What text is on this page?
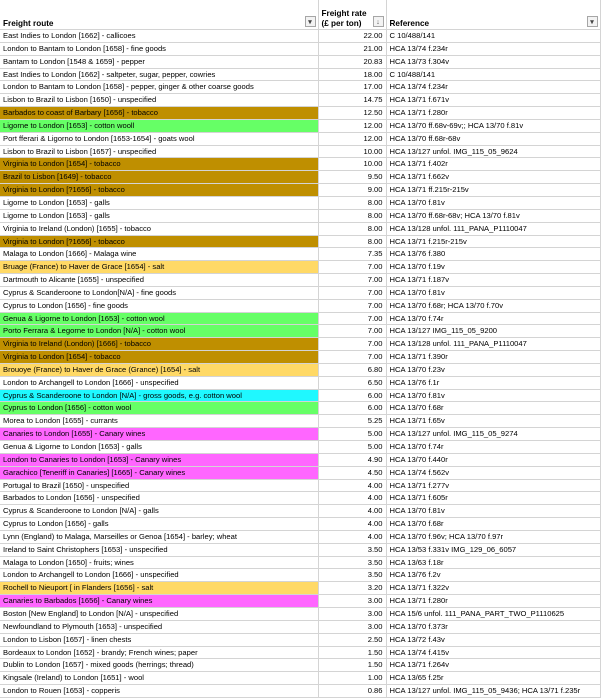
Freight route ▾	Freight rate (£ per ton) ↓	Reference ▾

East Indies to London [1662] - callicoes	22.00	C 10/488/141
London to Bantam to London [1658] - fine goods	21.00	HCA 13/74 f.234r
Bantam to London [1548 & 1659] - pepper	20.83	HCA 13/73 f.304v
East Indies to London [1662] - saltpeter, sugar, pepper, cowries	18.00	C 10/488/141
London to Bantam to London [1658] - pepper, ginger & other coarse goods	17.00	HCA 13/74 f.234r
Lisbon to Brazil to Lisbon [1650] - unspecified	14.75	HCA 13/71 f.671v
Barbados to coast of Barbary [1656] - tobacco	12.50	HCA 13/71 f.280r
Ligorne to London [1653] - cotton wooll	12.00	HCA 13/70 ff.68v-69v;; HCA 13/70 f.81v
Port fferari & Ligorno to London [1653-1654] - goats wool	12.00	HCA 13/70 ff.68r-68v
Lisbon to Brazil to Lisbon [1657] - unspecified	10.00	HCA 13/127 unfol. IMG_115_05_9624
Virginia to London [1654] - tobacco	10.00	HCA 13/71 f.402r
Brazil to Lisbon [1649] - tobacco	9.50	HCA 13/71 f.662v
Virginia to London [?1656] - tobacco	9.00	HCA 13/71 ff.215r-215v
Ligorne to London [1653] - galls	8.00	HCA 13/70 f.81v
Ligorne to London [1653] - galls	8.00	HCA 13/70 ff.68r-68v; HCA 13/70 f.81v
Virginia to Ireland (London) [1655] - tobacco	8.00	HCA 13/128 unfol. 111_PANA_P1110047
Virginia to London [?1656] - tobacco	8.00	HCA 13/71 f.215r-215v
Malaga to London [1666] - Malaga wine	7.35	HCA 13/76 f.380
Bruage (France) to Haver de Grace [1654] - salt	7.00	HCA 13/70 f.19v
Dartmouth to Alicante [1655] - unspecified	7.00	HCA 13/71 f.187v
Cyprus & Scanderoone to London[N/A] - fine goods	7.00	HCA 13/70 f.81v
Cyprus to London [1656] - fine goods	7.00	HCA 13/70 f.68r; HCA 13/70 f.70v
Genua & Ligorne to London [1653] - cotton wool	7.00	HCA 13/70 f.74r
Porto Ferrara & Legorne to London [N/A] - cotton wool	7.00	HCA 13/127 IMG_115_05_9200
Virginia to Ireland (London) [1666] - tobacco	7.00	HCA 13/128 unfol. 111_PANA_P1110047
Virginia to London [1654] - tobacco	7.00	HCA 13/71 f.390r
Brouoye (France) to Haver de Grace (Grance) [1654] - salt	6.80	HCA 13/70 f.23v
London to Archangell to London [1666] - unspecified	6.50	HCA 13/76 f.1r
Cyprus & Scanderoone to London [N/A] - gross goods, e.g. cotton wool	6.00	HCA 13/70 f.81v
Cyprus to London [1656] - cotton wool	6.00	HCA 13/70 f.68r
Morea to London [1655] - currants	5.25	HCA 13/71 f.65v
Canaries to London [1655] - Canary wines	5.00	HCA 13/127 unfol. IMG_115_05_9274
Genua & Ligorne to London [1653] - galls	5.00	HCA 13/70 f.74r
London to Canaries to London [1653] - Canary wines	4.90	HCA 13/70 f.440r
Garachico [Teneriff in Canaries] [1665] - Canary wines	4.50	HCA 13/74 f.562v
Portugal to Brazil [1650] - unspecified	4.00	HCA 13/71 f.277v
Barbados to London [1656] - unspecified	4.00	HCA 13/71 f.605r
Cyprus & Scanderoone to London [N/A] - galls	4.00	HCA 13/70 f.81v
Cyprus to London [1656] - galls	4.00	HCA 13/70 f.68r
Lynn (England) to Malaga, Marseilles or Genoa [1654] - barley; wheat	4.00	HCA 13/70 f.96v; HCA 13/70 f.97r
Ireland to Saint Christophers [1653] - unspecified	3.50	HCA 13/53 f.331v IMG_129_06_6057
Malaga to London [1650] - fruits; wines	3.50	HCA 13/63 f.18r
London to Archangell to London [1666] - unspecified	3.50	HCA 13/76 f.2v
Rochell to Nieuport [ in Flanders [1656] - salt	3.20	HCA 13/71 f.322v
Canaries to Barbados [1656] - Canary wines	3.00	HCA 13/71 f.280r
Boston [New England] to London [N/A] - unspecified	3.00	HCA 15/6 unfol. 111_PANA_PART_TWO_P1110625
Newfoundland to Plymouth [1653] - unspecified	3.00	HCA 13/70 f.373r
London to Lisbon [1657] - linen chests	2.50	HCA 13/72 f.43v
Bordeaux to London [1652] - brandy; French wines; paper	1.50	HCA 13/74 f.415v
Dublin to London [1657] - mixed goods (herrings; thread)	1.50	HCA 13/71 f.264v
Kingsale (Ireland) to London [1651] - wool	1.00	HCA 13/65 f.25r
London to Rouen [1653] - copperis	0.86	HCA 13/127 unfol. IMG_115_05_9436; HCA 13/71 f.235r
